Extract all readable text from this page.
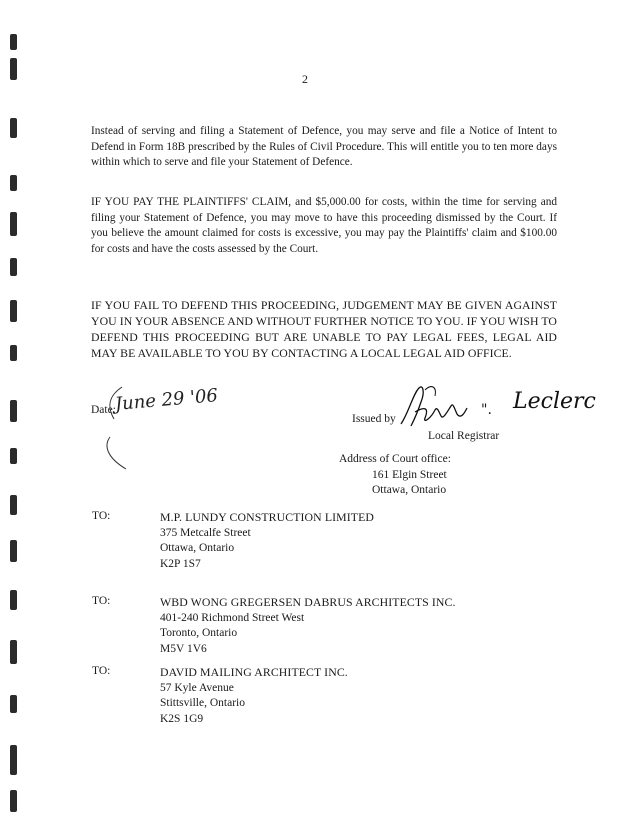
2

Instead of serving and filing a Statement of Defence, you may serve and file a Notice of Intent to Defend in Form 18B prescribed by the Rules of Civil Procedure. This will entitle you to ten more days within which to serve and file your Statement of Defence.

IF YOU PAY THE PLAINTIFFS' CLAIM, and $5,000.00 for costs, within the time for serving and filing your Statement of Defence, you may move to have this proceeding dismissed by the Court. If you believe the amount claimed for costs is excessive, you may pay the Plaintiffs' claim and $100.00 for costs and have the costs assessed by the Court.

IF YOU FAIL TO DEFEND THIS PROCEEDING, JUDGEMENT MAY BE GIVEN AGAINST YOU IN YOUR ABSENCE AND WITHOUT FURTHER NOTICE TO YOU. IF YOU WISH TO DEFEND THIS PROCEEDING BUT ARE UNABLE TO PAY LEGAL FEES, LEGAL AID MAY BE AVAILABLE TO YOU BY CONTACTING A LOCAL LEGAL AID OFFICE.

Date:
June 29 '06
Issued by
Leclerc
".
Local Registrar
Address of Court office:
161 Elgin Street
Ottawa, Ontario
TO:	M.P. LUNDY CONSTRUCTION LIMITED
375 Metcalfe Street
Ottawa, Ontario
K2P 1S7
TO:	WBD WONG GREGERSEN DABRUS ARCHITECTS INC.
401-240 Richmond Street West
Toronto, Ontario
M5V 1V6
TO:	DAVID MAILING ARCHITECT INC.
57 Kyle Avenue
Stittsville, Ontario
K2S 1G9
